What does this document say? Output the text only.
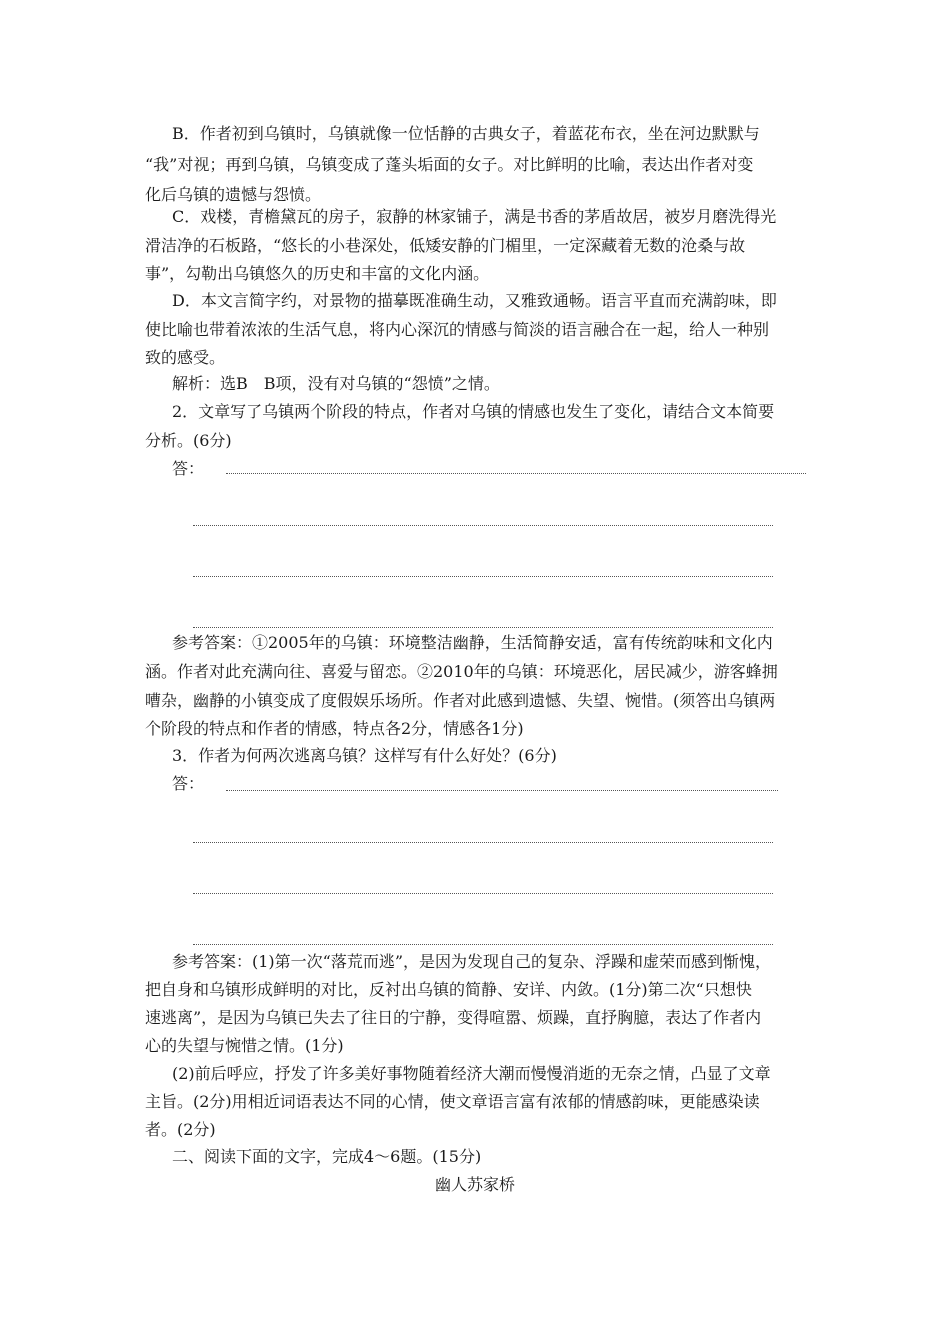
B．作者初到乌镇时，乌镇就像一位恬静的古典女子，着蓝花布衣，坐在河边默默与
“我”对视；再到乌镇，乌镇变成了蓬头垢面的女子。对比鲜明的比喻，表达出作者对变
化后乌镇的遗憾与怨愤。
C．戏楼，青檐黛瓦的房子，寂静的林家铺子，满是书香的茅盾故居，被岁月磨洗得光
滑洁净的石板路，“悠长的小巷深处，低矮安静的门楣里，一定深藏着无数的沧桑与故
事”，勾勒出乌镇悠久的历史和丰富的文化内涵。
D．本文言简字约，对景物的描摹既准确生动，又雅致通畅。语言平直而充满韵味，即
使比喻也带着浓浓的生活气息，将内心深沉的情感与简淡的语言融合在一起，给人一种别
致的感受。
解析：选B　B项，没有对乌镇的“怨愤”之情。
2．文章写了乌镇两个阶段的特点，作者对乌镇的情感也发生了变化，请结合文本简要
分析。(6分)
答：
参考答案：①2005年的乌镇：环境整洁幽静，生活简静安适，富有传统韵味和文化内
涵。作者对此充满向往、喜爱与留恋。②2010年的乌镇：环境恶化，居民减少，游客蜂拥
嘈杂，幽静的小镇变成了度假娱乐场所。作者对此感到遗憾、失望、惋惜。(须答出乌镇两
个阶段的特点和作者的情感，特点各2分，情感各1分)
3．作者为何两次逃离乌镇？这样写有什么好处？(6分)
答：
参考答案：(1)第一次“落荒而逃”，是因为发现自己的复杂、浮躁和虚荣而感到惭愧，
把自身和乌镇形成鲜明的对比，反衬出乌镇的简静、安详、内敛。(1分)第二次“只想快
速逃离”，是因为乌镇已失去了往日的宁静，变得喧嚣、烦躁，直抒胸臆，表达了作者内
心的失望与惋惜之情。(1分)
(2)前后呼应，抒发了许多美好事物随着经济大潮而慢慢消逝的无奈之情，凸显了文章
主旨。(2分)用相近词语表达不同的心情，使文章语言富有浓郁的情感韵味，更能感染读
者。(2分)
二、阅读下面的文字，完成4～6题。(15分)
幽人苏家桥
